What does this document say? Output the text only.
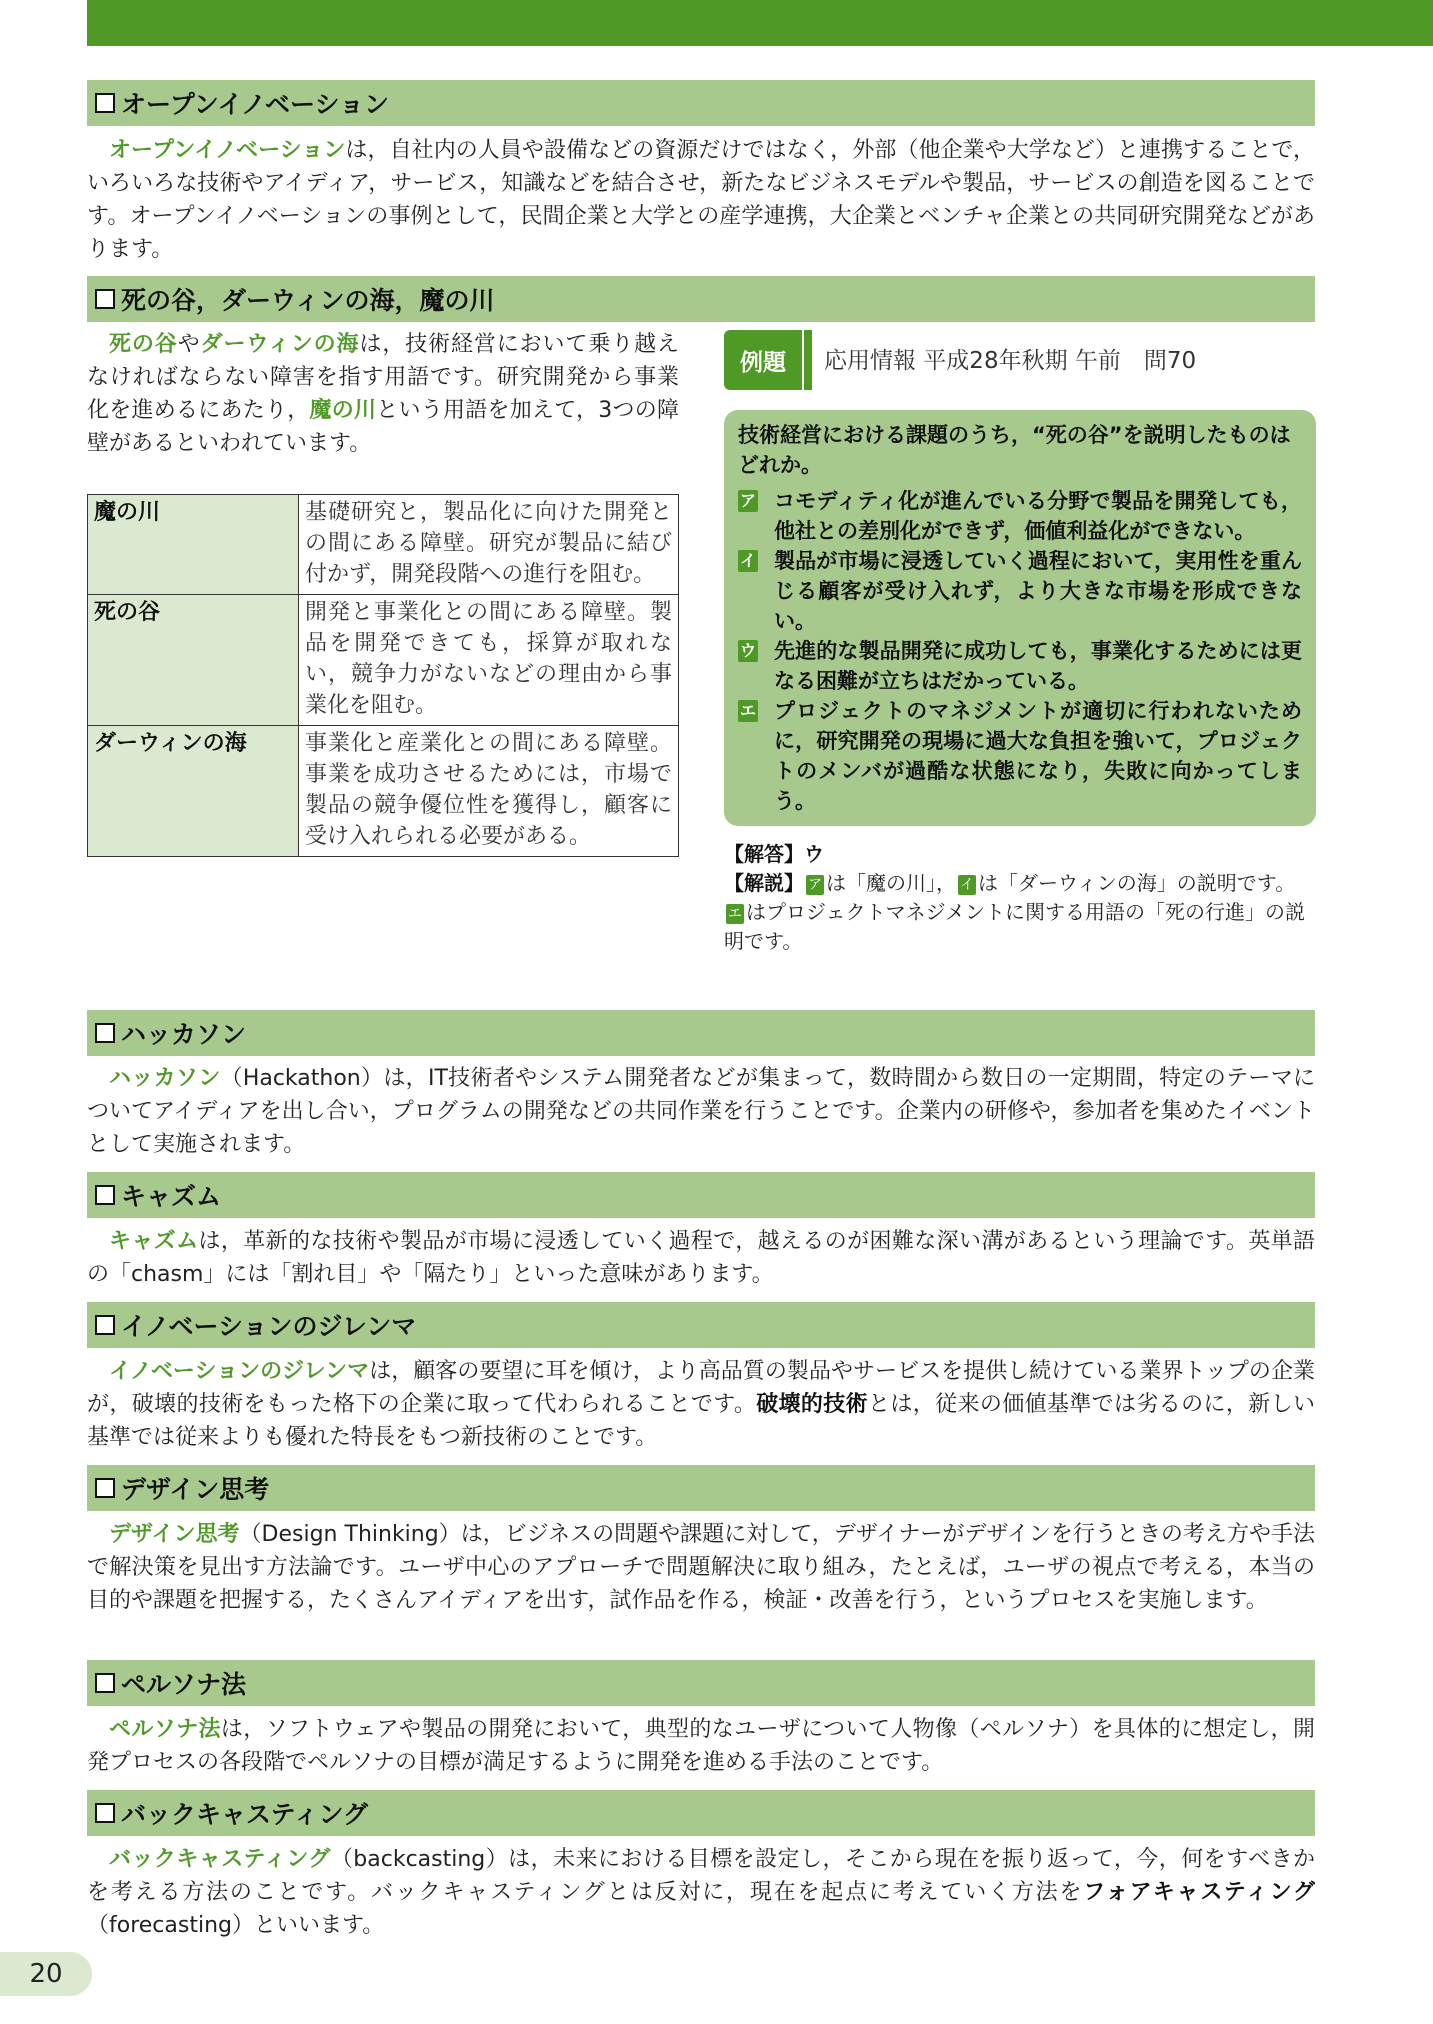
オープンイノベーション

オープンイノベーションは，自社内の人員や設備などの資源だけではなく，外部（他企業や大学など）と連携することで，いろいろな技術やアイディア，サービス，知識などを結合させ，新たなビジネスモデルや製品，サービスの創造を図ることです。オープンイノベーションの事例として，民間企業と大学との産学連携，大企業とベンチャ企業との共同研究開発などがあります。

死の谷，ダーウィンの海，魔の川

死の谷やダーウィンの海は，技術経営において乗り越えなければならない障害を指す用語です。研究開発から事業化を進めるにあたり，魔の川という用語を加えて，3つの障壁があるといわれています。

魔の川	基礎研究と，製品化に向けた開発との間にある障壁。研究が製品に結び付かず，開発段階への進行を阻む。
死の谷	開発と事業化との間にある障壁。製品を開発できても，採算が取れない，競争力がないなどの理由から事業化を阻む。
ダーウィンの海	事業化と産業化との間にある障壁。事業を成功させるためには，市場で製品の競争優位性を獲得し，顧客に受け入れられる必要がある。
例題	応用情報 平成28年秋期 午前　問70

技術経営における課題のうち，“死の谷”を説明したものはどれか。

ア コモディティ化が進んでいる分野で製品を開発しても，他社との差別化ができず，価値利益化ができない。
イ 製品が市場に浸透していく過程において，実用性を重んじる顧客が受け入れず，より大きな市場を形成できない。
ウ 先進的な製品開発に成功しても，事業化するためには更なる困難が立ちはだかっている。
エ プロジェクトのマネジメントが適切に行われないために，研究開発の現場に過大な負担を強いて，プロジェクトのメンバが過酷な状態になり，失敗に向かってしまう。

【解答】ウ

【解説】 ア は「魔の川」， イ は「ダーウィンの海」の説明です。
エ はプロジェクトマネジメントに関する用語の「死の行進」の説明です。

ハッカソン

ハッカソン（Hackathon）は，IT技術者やシステム開発者などが集まって，数時間から数日の一定期間，特定のテーマについてアイディアを出し合い，プログラムの開発などの共同作業を行うことです。企業内の研修や，参加者を集めたイベントとして実施されます。

キャズム

キャズムは，革新的な技術や製品が市場に浸透していく過程で，越えるのが困難な深い溝があるという理論です。英単語の「chasm」には「割れ目」や「隔たり」といった意味があります。

イノベーションのジレンマ

イノベーションのジレンマは，顧客の要望に耳を傾け，より高品質の製品やサービスを提供し続けている業界トップの企業が，破壊的技術をもった格下の企業に取って代わられることです。破壊的技術とは，従来の価値基準では劣るのに，新しい基準では従来よりも優れた特長をもつ新技術のことです。

デザイン思考

デザイン思考（Design Thinking）は，ビジネスの問題や課題に対して，デザイナーがデザインを行うときの考え方や手法で解決策を見出す方法論です。ユーザ中心のアプローチで問題解決に取り組み，たとえば，ユーザの視点で考える，本当の目的や課題を把握する，たくさんアイディアを出す，試作品を作る，検証・改善を行う，というプロセスを実施します。

ペルソナ法

ペルソナ法は，ソフトウェアや製品の開発において，典型的なユーザについて人物像（ペルソナ）を具体的に想定し，開発プロセスの各段階でペルソナの目標が満足するように開発を進める手法のことです。

バックキャスティング

バックキャスティング（backcasting）は，未来における目標を設定し，そこから現在を振り返って，今，何をすべきかを考える方法のことです。バックキャスティングとは反対に，現在を起点に考えていく方法をフォアキャスティング（forecasting）といいます。

20
